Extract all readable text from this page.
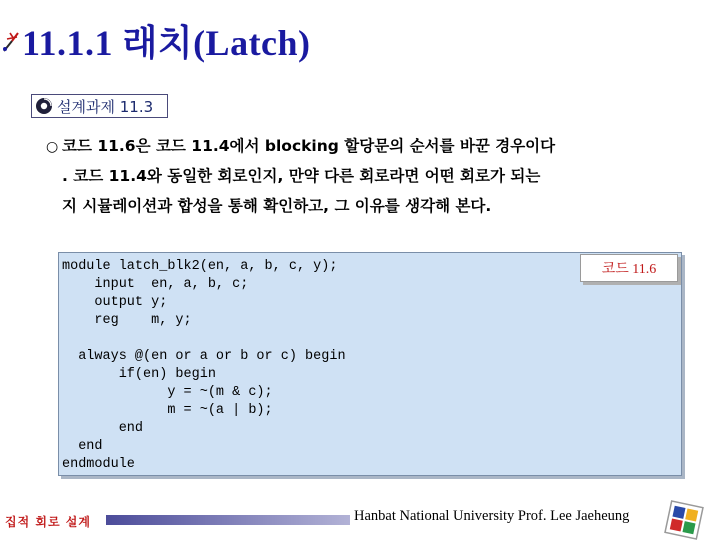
11.1.1 래치(Latch)
설계과제 11.3
○ 코드 11.6은 코드 11.4에서 blocking 할당문의 순서를 바꾼 경우이다
. 코드 11.4와 동일한 회로인지, 만약 다른 회로라면 어떤 회로가 되는
지 시뮬레이션과 합성을 통해 확인하고, 그 이유를 생각해 본다.
module latch_blk2(en, a, b, c, y);
input  en, a, b, c;
output y;
reg    m, y;
always @(en or a or b or c) begin
if(en) begin
y = ~(m & c);
m = ~(a | b);
end
end
endmodule
코드 11.6
집적 회로 설계	Hanbat National University Prof. Lee Jaeheung
